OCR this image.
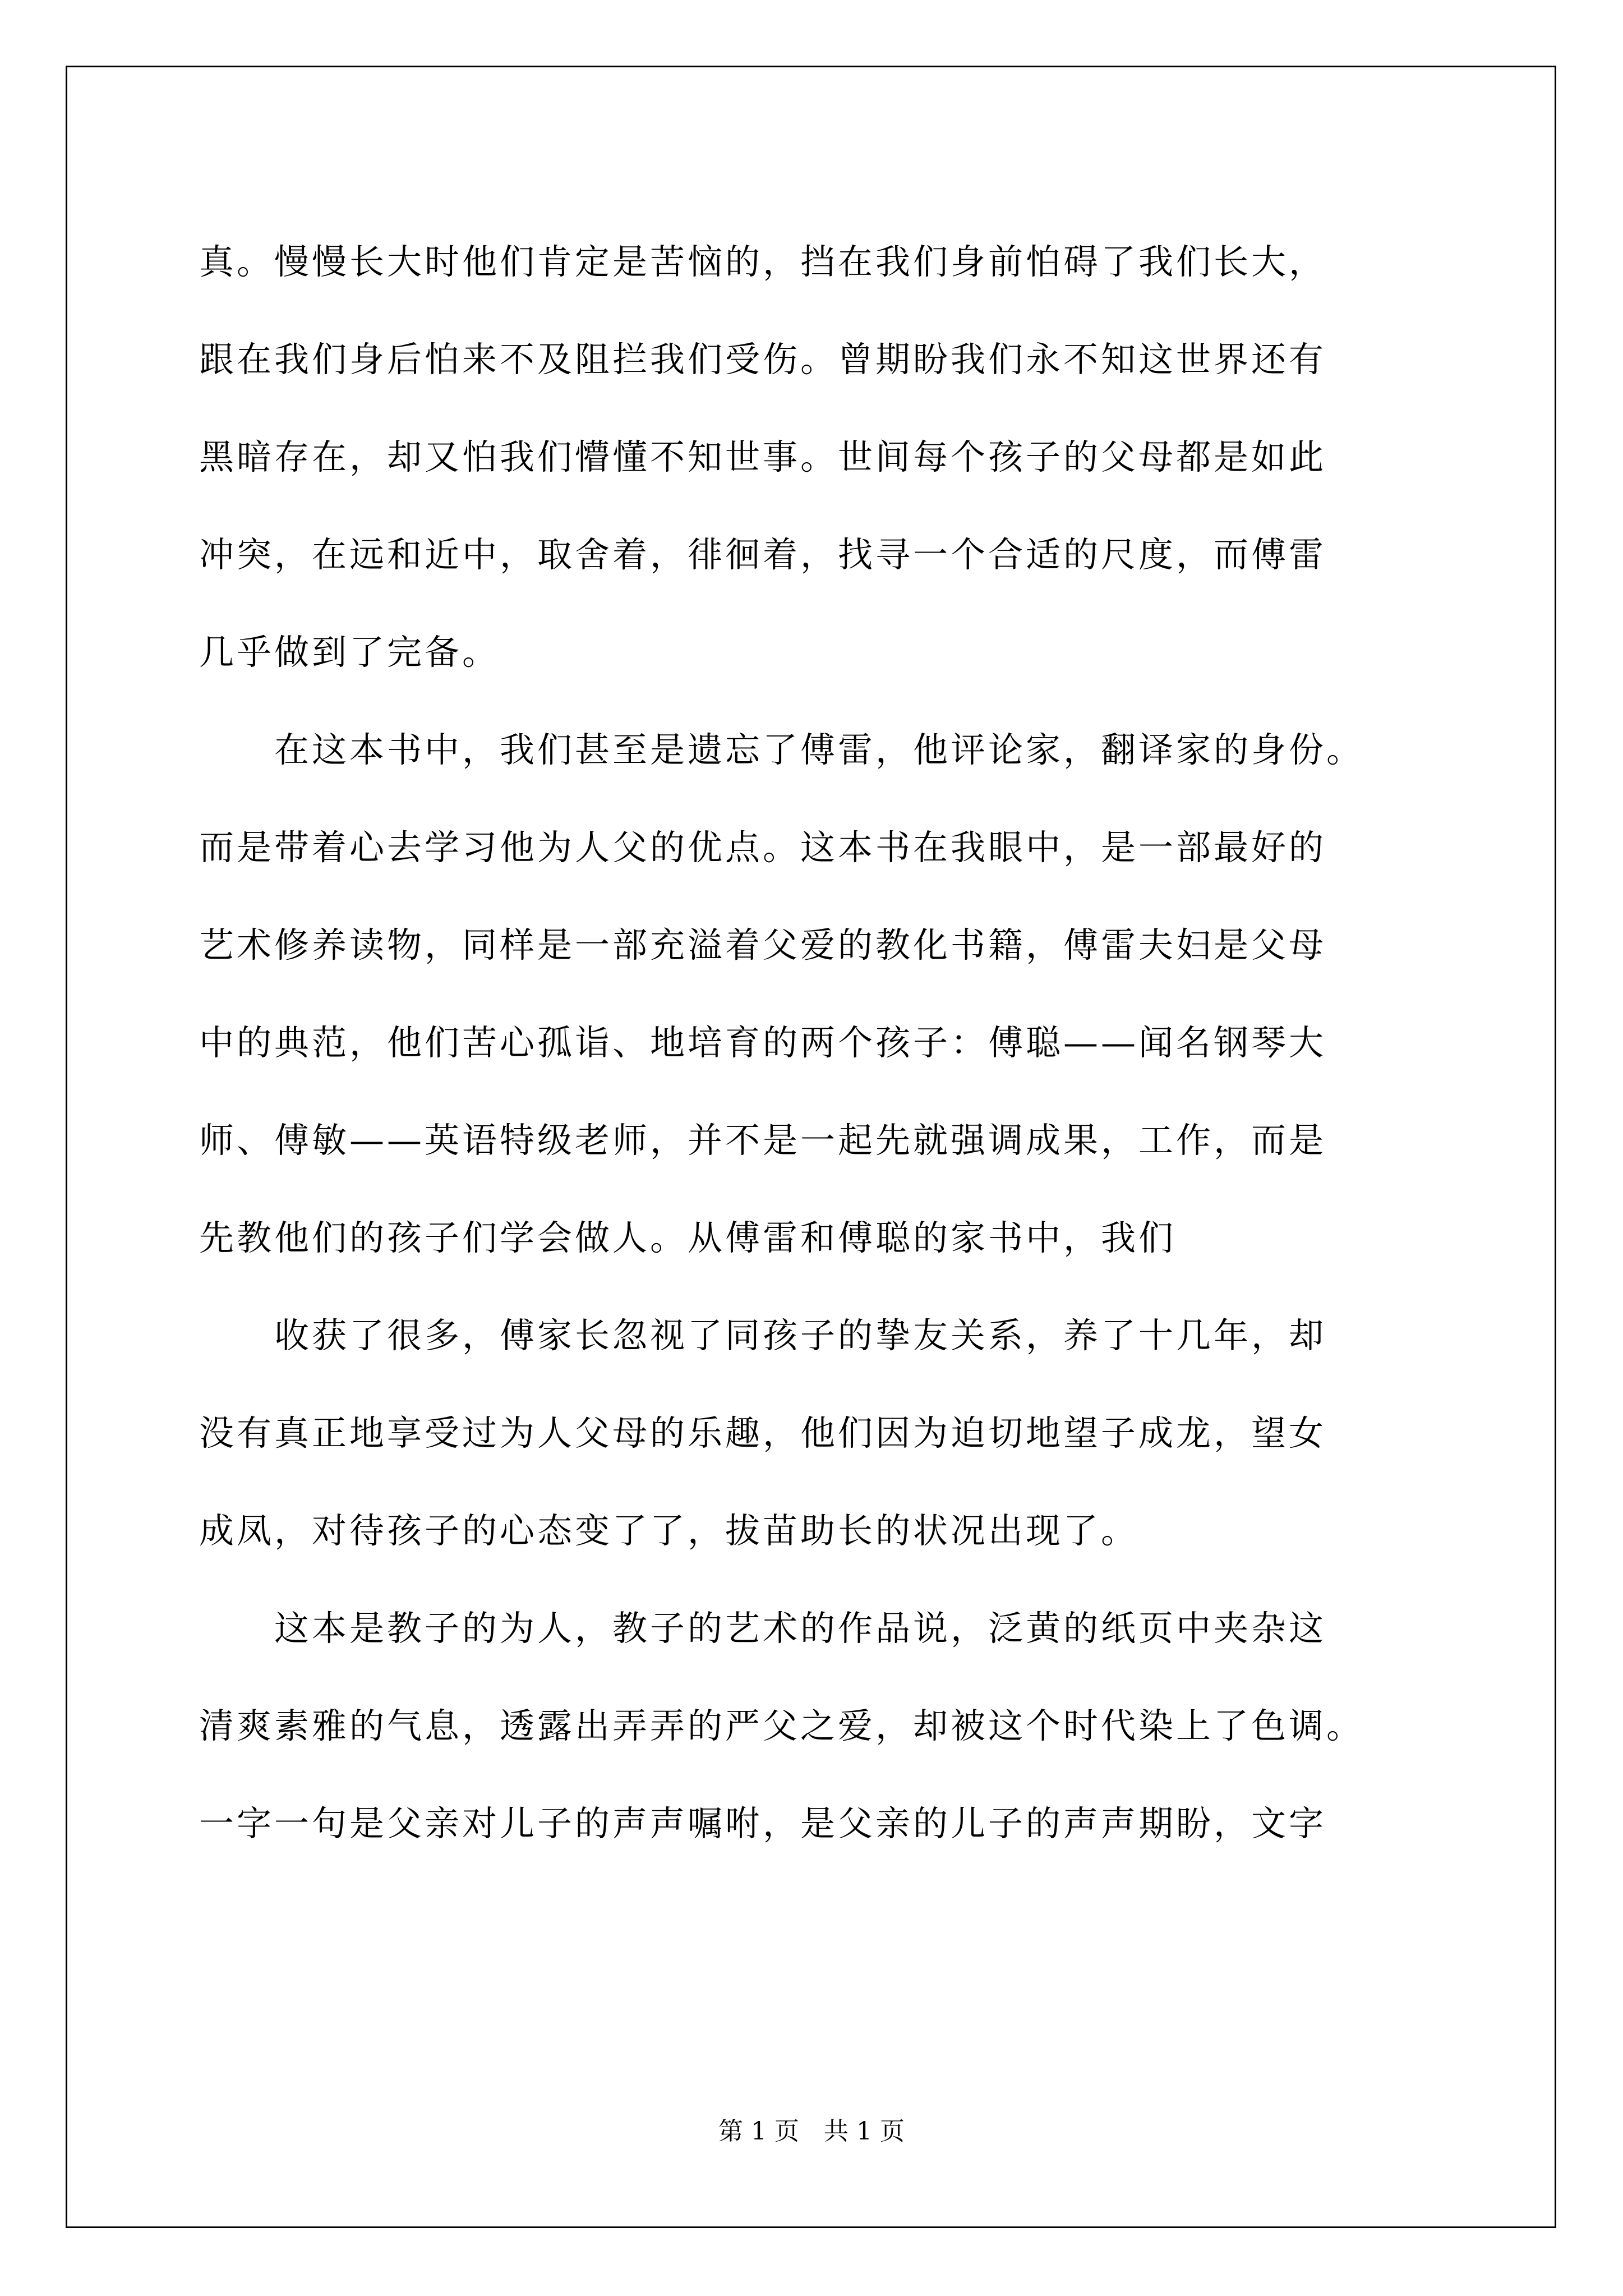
真。慢慢长大时他们肯定是苦恼的，挡在我们身前怕碍了我们长大，
跟在我们身后怕来不及阻拦我们受伤。曾期盼我们永不知这世界还有
黑暗存在，却又怕我们懵懂不知世事。世间每个孩子的父母都是如此
冲突，在远和近中，取舍着，徘徊着，找寻一个合适的尺度，而傅雷
几乎做到了完备。
　　在这本书中，我们甚至是遗忘了傅雷，他评论家，翻译家的身份。
而是带着心去学习他为人父的优点。这本书在我眼中，是一部最好的
艺术修养读物，同样是一部充溢着父爱的教化书籍，傅雷夫妇是父母
中的典范，他们苦心孤诣、地培育的两个孩子：傅聪——闻名钢琴大
师、傅敏——英语特级老师，并不是一起先就强调成果，工作，而是
先教他们的孩子们学会做人。从傅雷和傅聪的家书中，我们
　　收获了很多，傅家长忽视了同孩子的挚友关系，养了十几年，却
没有真正地享受过为人父母的乐趣，他们因为迫切地望子成龙，望女
成凤，对待孩子的心态变了了，拔苗助长的状况出现了。
　　这本是教子的为人，教子的艺术的作品说，泛黄的纸页中夹杂这
清爽素雅的气息，透露出弄弄的严父之爱，却被这个时代染上了色调。
一字一句是父亲对儿子的声声嘱咐，是父亲的儿子的声声期盼，文字
第 1 页　共 1 页
